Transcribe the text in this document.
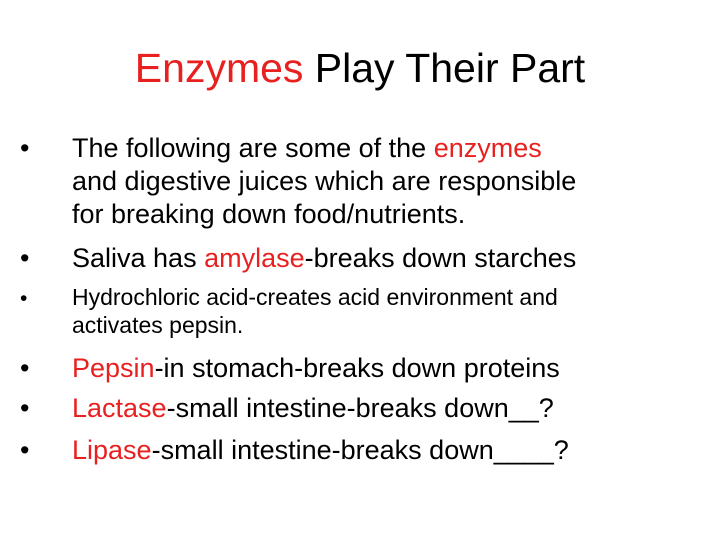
Enzymes Play Their Part
•	The following are some of the enzymes
and digestive juices which are responsible
for breaking down food/nutrients.
•	Saliva has amylase-breaks down starches
•	Hydrochloric acid-creates acid environment and
activates pepsin.
•	Pepsin-in stomach-breaks down proteins
•	Lactase-small intestine-breaks down__?
•	Lipase-small intestine-breaks down____?
